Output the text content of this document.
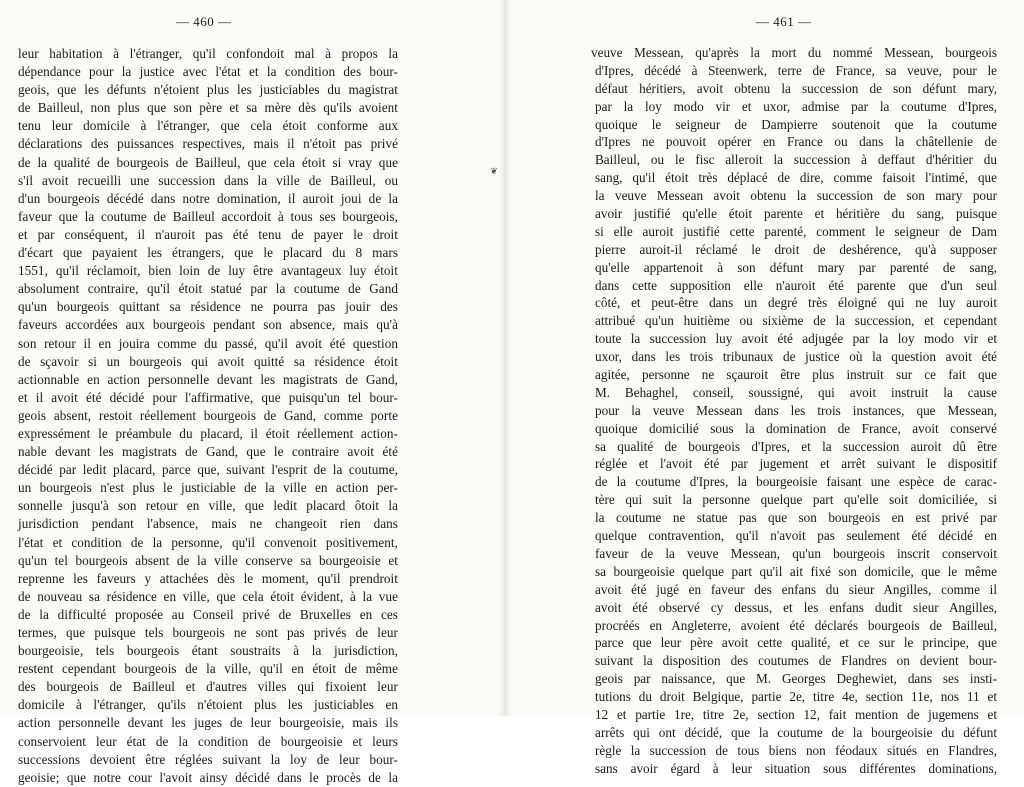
❦
— 460 —
leur habitation à l'étranger, qu'il confondoit mal à propos la
dépendance pour la justice avec l'état et la condition des bour-
geois, que les défunts n'étoient plus les justiciables du magistrat
de Bailleul, non plus que son père et sa mère dès qu'ils avoient
tenu leur domicile à l'étranger, que cela étoit conforme aux
déclarations des puissances respectives, mais il n'étoit pas privé
de la qualité de bourgeois de Bailleul, que cela étoit si vray que
s'il avoit recueilli une succession dans la ville de Bailleul, ou
d'un bourgeois décédé dans notre domination, il auroit joui de la
faveur que la coutume de Bailleul accordoit à tous ses bourgeois,
et par conséquent, il n'auroit pas été tenu de payer le droit
d'écart que payaient les étrangers, que le placard du 8 mars
1551, qu'il réclamoit, bien loin de luy être avantageux luy étoit
absolument contraire, qu'il étoit statué par la coutume de Gand
qu'un bourgeois quittant sa résidence ne pourra pas jouir des
faveurs accordées aux bourgeois pendant son absence, mais qu'à
son retour il en jouira comme du passé, qu'il avoit été question
de sçavoir si un bourgeois qui avoit quitté sa résidence étoit
actionnable en action personnelle devant les magistrats de Gand,
et il avoit été décidé pour l'affirmative, que puisqu'un tel bour-
geois absent, restoit réellement bourgeois de Gand, comme porte
expressément le préambule du placard, il étoit réellement action-
nable devant les magistrats de Gand, que le contraire avoit été
décidé par ledit placard, parce que, suivant l'esprit de la coutume,
un bourgeois n'est plus le justiciable de la ville en action per-
sonnelle jusqu'à son retour en ville, que ledit placard ôtoit la
jurisdiction pendant l'absence, mais ne changeoit rien dans
l'état et condition de la personne, qu'il convenoit positivement,
qu'un tel bourgeois absent de la ville conserve sa bourgeoisie et
reprenne les faveurs y attachées dès le moment, qu'il prendroit
de nouveau sa résidence en ville, que cela étoit évident, à la vue
de la difficulté proposée au Conseil privé de Bruxelles en ces
termes, que puisque tels bourgeois ne sont pas privés de leur
bourgeoisie, tels bourgeois étant soustraits à la jurisdiction,
restent cependant bourgeois de la ville, qu'il en étoit de même
des bourgeois de Bailleul et d'autres villes qui fixoient leur
domicile à l'étranger, qu'ils n'étoient plus les justiciables en
action personnelle devant les juges de leur bourgeoisie, mais ils
conservoient leur état de la condition de bourgeoisie et leurs
successions devoient être réglées suivant la loy de leur bour-
geoisie; que notre cour l'avoit ainsy décidé dans le procès de la
— 461 —
veuve Messean, qu'après la mort du nommé Messean, bourgeois
d'Ipres, décédé à Steenwerk, terre de France, sa veuve, pour le
défaut héritiers, avoit obtenu la succession de son défunt mary,
par la loy modo vir et uxor, admise par la coutume d'Ipres,
quoique le seigneur de Dampierre soutenoit que la coutume
d'Ipres ne pouvoit opérer en France ou dans la châtellenie de
Bailleul, ou le fisc alleroit la succession à deffaut d'héritier du
sang, qu'il étoit très déplacé de dire, comme faisoit l'intimé, que
la veuve Messean avoit obtenu la succession de son mary pour
avoir justifié qu'elle étoit parente et héritière du sang, puisque
si elle auroit justifié cette parenté, comment le seigneur de Dam
pierre auroit-il réclamé le droit de deshérence, qu'à supposer
qu'elle appartenoit à son défunt mary par parenté de sang,
dans cette supposition elle n'auroit été parente que d'un seul
côté, et peut-être dans un degré très éloigné qui ne luy auroit
attribué qu'un huitième ou sixième de la succession, et cependant
toute la succession luy avoit été adjugée par la loy modo vir et
uxor, dans les trois tribunaux de justice où la question avoit été
agitée, personne ne sçauroit être plus instruit sur ce fait que
M. Behaghel, conseil, soussigné, qui avoit instruit la cause
pour la veuve Messean dans les trois instances, que Messean,
quoique domicilié sous la domination de France, avoit conservé
sa qualité de bourgeois d'Ipres, et la succession auroit dû être
réglée et l'avoit été par jugement et arrêt suivant le dispositif
de la coutume d'Ipres, la bourgeoisie faisant une espèce de carac-
tère qui suit la personne quelque part qu'elle soit domiciliée, si
la coutume ne statue pas que son bourgeois en est privé par
quelque contravention, qu'il n'avoit pas seulement été décidé en
faveur de la veuve Messean, qu'un bourgeois inscrit conservoit
sa bourgeoisie quelque part qu'il ait fixé son domicile, que le même
avoit été jugé en faveur des enfans du sieur Angilles, comme il
avoit été observé cy dessus, et les enfans dudit sieur Angilles,
procréés en Angleterre, avoient été déclarés bourgeois de Bailleul,
parce que leur père avoit cette qualité, et ce sur le principe, que
suivant la disposition des coutumes de Flandres on devient bour-
geois par naissance, que M. Georges Deghewiet, dans ses insti-
tutions du droit Belgique, partie 2e, titre 4e, section 11e, nos 11 et
12 et partie 1re, titre 2e, section 12, fait mention de jugemens et
arrêts qui ont décidé, que la coutume de la bourgeoisie du défunt
règle la succession de tous biens non féodaux situés en Flandres,
sans avoir égard à leur situation sous différentes dominations,
